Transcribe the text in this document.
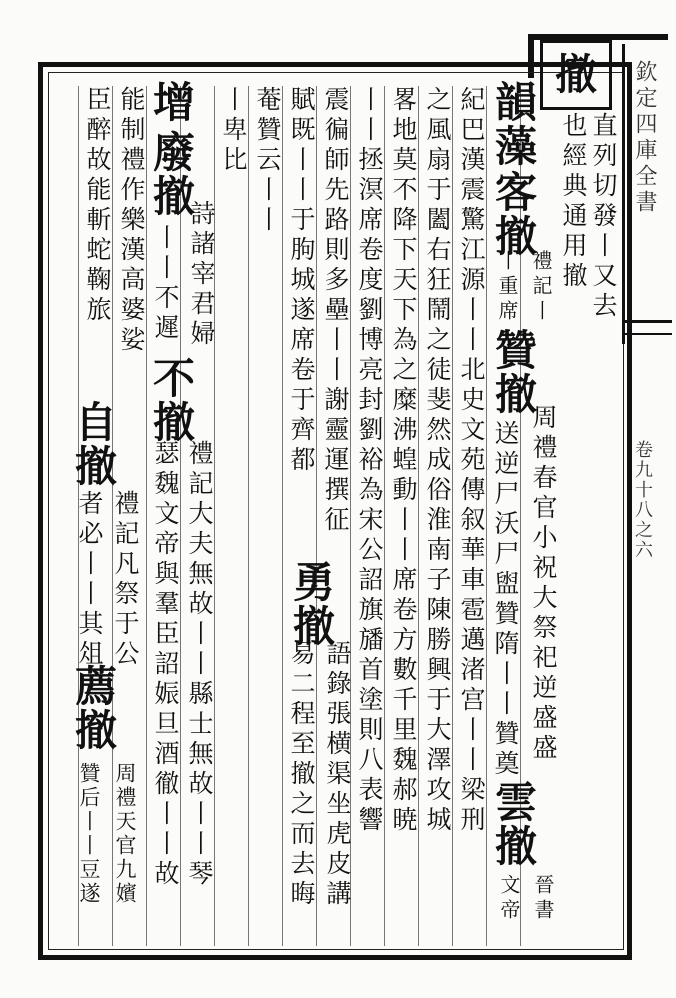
欽定四庫全書
卷九十八之六
撤
直列切發丨又去
也經典通用撤
韻藻
客撤
禮記丨
丨重席
贊撤
周禮春官小祝大祭祀逆盛盛
送逆尸沃尸盥贊隋丨丨贊奠
雲撤
晉書
文帝
紀巴漢震驚江源丨丨北史文苑傳叙華車雹邁渚宫丨丨梁刑
之風扇于闔右狂鬧之徒斐然成俗淮南子陳勝興于大澤攻城
畧地莫不降下天下為之糜沸蝗動丨丨席卷方數千里魏郝暁
丨丨拯溟席卷度劉博亮封劉裕為宋公詔旗旙首塗則八表響
震徧師先路則多壘丨丨謝靈運撰征
賦既丨丨于朐城遂席卷于齊都
勇撤
語錄張横渠坐虎皮講
易二程至撤之而去晦
菴贊云丨丨
丨卑比
增
廢撤
詩諸宰君婦
丨丨不遲
不撤
禮記大夫無故丨丨縣士無故丨丨琴
瑟魏文帝與羣臣詔娠旦酒徹丨丨故
能制禮作樂漢高婆娑
臣醉故能斬蛇鞠旅
自撤
禮記凡祭于公
者必丨丨其俎
薦撤
周禮天官九嬪
贊后丨丨豆遂
